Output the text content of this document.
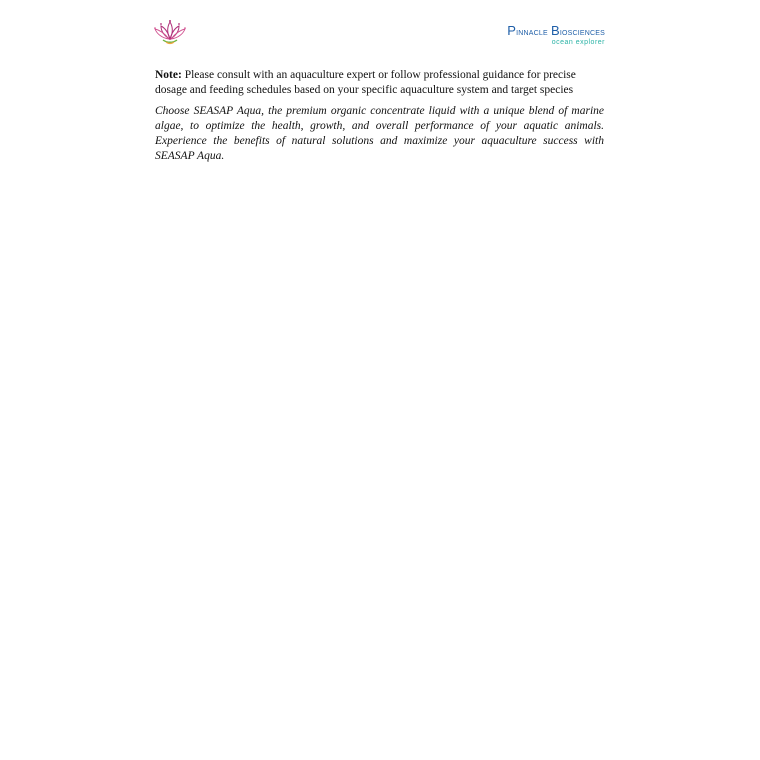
Pinnacle Biosciences
ocean explorer

Note: Please consult with an aquaculture expert or follow professional guidance for precise dosage and feeding schedules based on your specific aquaculture system and target species

Choose SEASAP Aqua, the premium organic concentrate liquid with a unique blend of marine algae, to optimize the health, growth, and overall performance of your aquatic animals. Experience the benefits of natural solutions and maximize your aquaculture success with SEASAP Aqua.
